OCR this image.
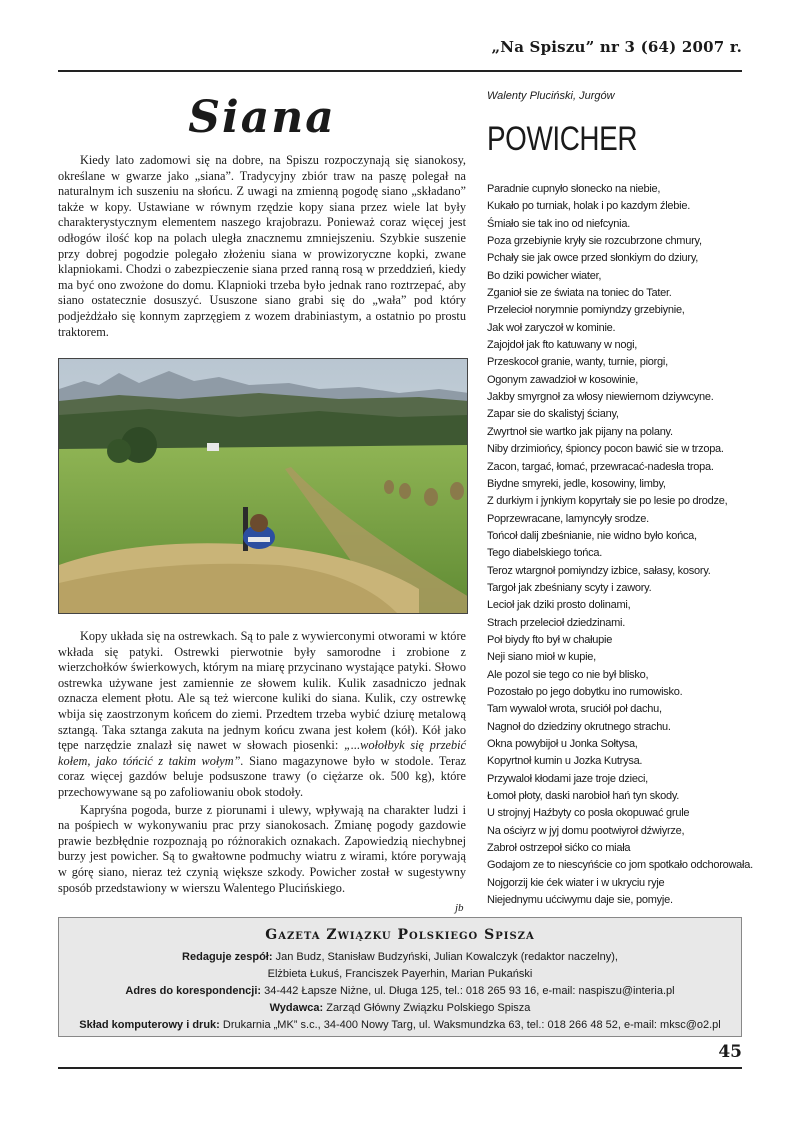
„Na Spiszu” nr 3 (64) 2007 r.
Siana

Kiedy lato zadomowi się na dobre, na Spiszu rozpoczynają się sianokosy, określane w gwarze jako „siana”. Tradycyjny zbiór traw na paszę polegał na naturalnym ich suszeniu na słońcu. Z uwagi na zmienną pogodę siano „składano” także w kopy. Ustawiane w równym rzędzie kopy siana przez wiele lat były charakterystycznym elementem naszego krajobrazu. Ponieważ coraz więcej jest odłogów ilość kop na polach uległa znacznemu zmniejszeniu. Szybkie suszenie przy dobrej pogodzie polegało złożeniu siana w prowizoryczne kopki, zwane klapniokami. Chodzi o zabezpieczenie siana przed ranną rosą w przeddzień, kiedy ma być ono zwożone do domu. Klapnioki trzeba było jednak rano roztrzepać, aby siano ostatecznie dosuszyć. Ususzone siano grabi się do „wała” pod który podjeżdżało się konnym zaprzęgiem z wozem drabiniastym, a ostatnio po prostu traktorem.

Kopy układa się na ostrewkach. Są to pale z wywierconymi otworami w które wkłada się patyki. Ostrewki pierwotnie były samorodne i zrobione z wierzchołków świerkowych, którym na miarę przycinano wystające patyki. Słowo ostrewka używane jest zamiennie ze słowem kulik. Kulik zasadniczo jednak oznacza element płotu. Ale są też wiercone kuliki do siana. Kulik, czy ostrewkę wbija się zaostrzonym końcem do ziemi. Przedtem trzeba wybić dziurę metalową sztangą. Taka sztanga zakuta na jednym końcu zwana jest kołem (kół). Kół jako tępe narzędzie znalazł się nawet w słowach piosenki: „...wołołbyk się przebić kołem, jako tóńcić z takim wołym”. Siano magazynowe było w stodole. Teraz coraz więcej gazdów beluje podsuszone trawy (o ciężarze ok. 500 kg), które przechowywane są po zafoliowaniu obok stodoły.

Kapryśna pogoda, burze z piorunami i ulewy, wpływają na charakter ludzi i na pośpiech w wykonywaniu prac przy sianokosach. Zmianę pogody gazdowie prawie bezbłędnie rozpoznają po różnorakich oznakach. Zapowiedzią niechybnej burzy jest powicher. Są to gwałtowne podmuchy wiatru z wirami, które porywają w górę siano, nieraz też czynią większe szkody. Powicher został w sugestywny sposób przedstawiony w wierszu Walentego Plucińskiego.

jb

Walenty Pluciński, Jurgów

POWICHER
Paradnie cupnyło słonecko na niebie,
Kukało po turniak, holak i po kazdym źlebie.
Śmiało sie tak ino od niefcynia.
Poza grzebiynie kryły sie rozcubrzone chmury,
Pchały sie jak owce przed słonkiym do dziury,
Bo dziki powicher wiater,
Zganioł sie ze świata na toniec do Tater.
Przelecioł norymnie pomiyndzy grzebiynie,
Jak woł zaryczoł w kominie.
Zajojdoł jak fto katuwany w nogi,
Przeskocoł granie, wanty, turnie, piorgi,
Ogonym zawadzioł w kosowinie,
Jakby smyrgnoł za włosy niewiernom dziywcyne.
Zapar sie do skalistyj ściany,
Zwyrtnoł sie wartko jak pijany na polany.
Niby drzimiońcy, śpioncy pocon bawić sie w trzopa.
Zacon, targać, łomać, przewracać-nadesła tropa.
Biydne smyreki, jedle, kosowiny, limby,
Z durkiym i jynkiym kopyrtały sie po lesie po drodze,
Poprzewracane, lamyncyły srodze.
Tońcoł dalij zbeśnianie, nie widno było końca,
Tego diabelskiego tońca.
Teroz wtargnoł pomiyndzy izbice, sałasy, kosory.
Targoł jak zbeśniany scyty i zawory.
Lecioł jak dziki prosto dolinami,
Strach przelecioł dziedzinami.
Poł biydy fto był w chałupie
Neji siano mioł w kupie,
Ale pozol sie tego co nie był blisko,
Pozostało po jego dobytku ino rumowisko.
Tam wywaloł wrota, sruciół poł dachu,
Nagnoł do dziedziny okrutnego strachu.
Okna powybijoł u Jonka Sołtysa,
Kopyrtnoł kumin u Jozka Kutrysa.
Przywaloł kłodami jaze troje dzieci,
Łomoł płoty, daski narobioł hań tyn skody.
U strojnyj Haźbyty co posła okopuwać grule
Na ościyrz w jyj domu pootwiyroł dźwiyrze,
Zabroł ostrzepoł sićko co miała
Godajom ze to niescyńście co jom spotkało odchorowała.
Nojgorzij kie ćek wiater i w ukryciu ryje
Niejednymu ućciwymu daje sie, pomyje.
Gazeta Związku Polskiego Spisza

Redaguje zespół: Jan Budz, Stanisław Budzyński, Julian Kowalczyk (redaktor naczelny),

Elżbieta Łukuś, Franciszek Payerhin, Marian Pukański

Adres do korespondencji: 34-442 Łapsze Niżne, ul. Długa 125, tel.: 018 265 93 16, e-mail: naspiszu@interia.pl

Wydawca: Zarząd Główny Związku Polskiego Spisza

Skład komputerowy i druk: Drukarnia „MK” s.c., 34-400 Nowy Targ, ul. Waksmundzka 63, tel.: 018 266 48 52, e-mail: mksc@o2.pl

45
